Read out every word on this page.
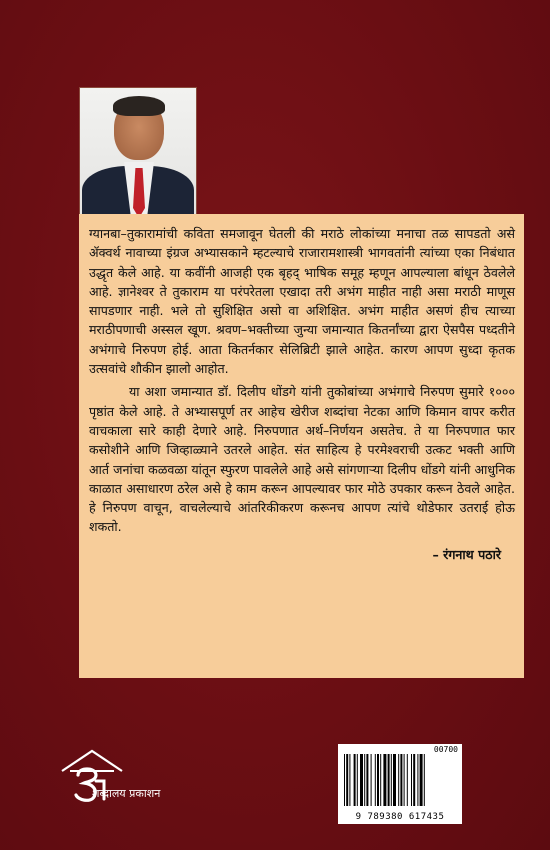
ग्यानबा–तुकारामांची कविता समजावून घेतली की मराठे लोकांच्या मनाचा तळ सापडतो असे ॲक्वर्थ नावाच्या इंग्रज अभ्यासकाने म्हटल्याचे राजारामशास्त्री भागवतांनी त्यांच्या एका निबंधात उद्धृत केले आहे. या कवींनी आजही एक बृहद् भाषिक समूह म्हणून आपल्याला बांधून ठेवलेले आहे. ज्ञानेश्वर ते तुकाराम या परंपरेतला एखादा तरी अभंग माहीत नाही असा मराठी माणूस सापडणार नाही. भले तो सुशिक्षित असो वा अशिक्षित. अभंग माहीत असणं हीच त्याच्या मराठीपणाची अस्सल खूण. श्रवण–भक्तीच्या जुन्या जमान्यात कितर्नांच्या द्वारा ऐसपैस पध्दतीने अभंगाचे निरुपण होई. आता कितर्नकार सेलिब्रिटी झाले आहेत. कारण आपण सुध्दा कृतक उत्सवांचे शौकीन झालो आहोत.

या अशा जमान्यात डॉ. दिलीप धोंडगे यांनी तुकोबांच्या अभंगाचे निरुपण सुमारे १००० पृष्ठांत केले आहे. ते अभ्यासपूर्ण तर आहेच खेरीज शब्दांचा नेटका आणि किमान वापर करीत वाचकाला सारे काही देणारे आहे. निरुपणात अर्थ–निर्णयन असतेच. ते या निरुपणात फार कसोशीने आणि जिव्हाळ्याने उतरले आहेत. संत साहित्य हे परमेश्वराची उत्कट भक्ती आणि आर्त जनांचा कळवळा यांतून स्फुरण पावलेले आहे असे सांगणाऱ्या दिलीप धोंडगे यांनी आधुनिक काळात असाधारण ठरेल असे हे काम करून आपल्यावर फार मोठे उपकार करून ठेवले आहेत. हे निरुपण वाचून, वाचलेल्याचे आंतरिकीकरण करूनच आपण त्यांचे थोडेफार उतराई होऊ शकतो.

– रंगनाथ पठारे
शब्दालय प्रकाशन
00700
9 789380 617435
